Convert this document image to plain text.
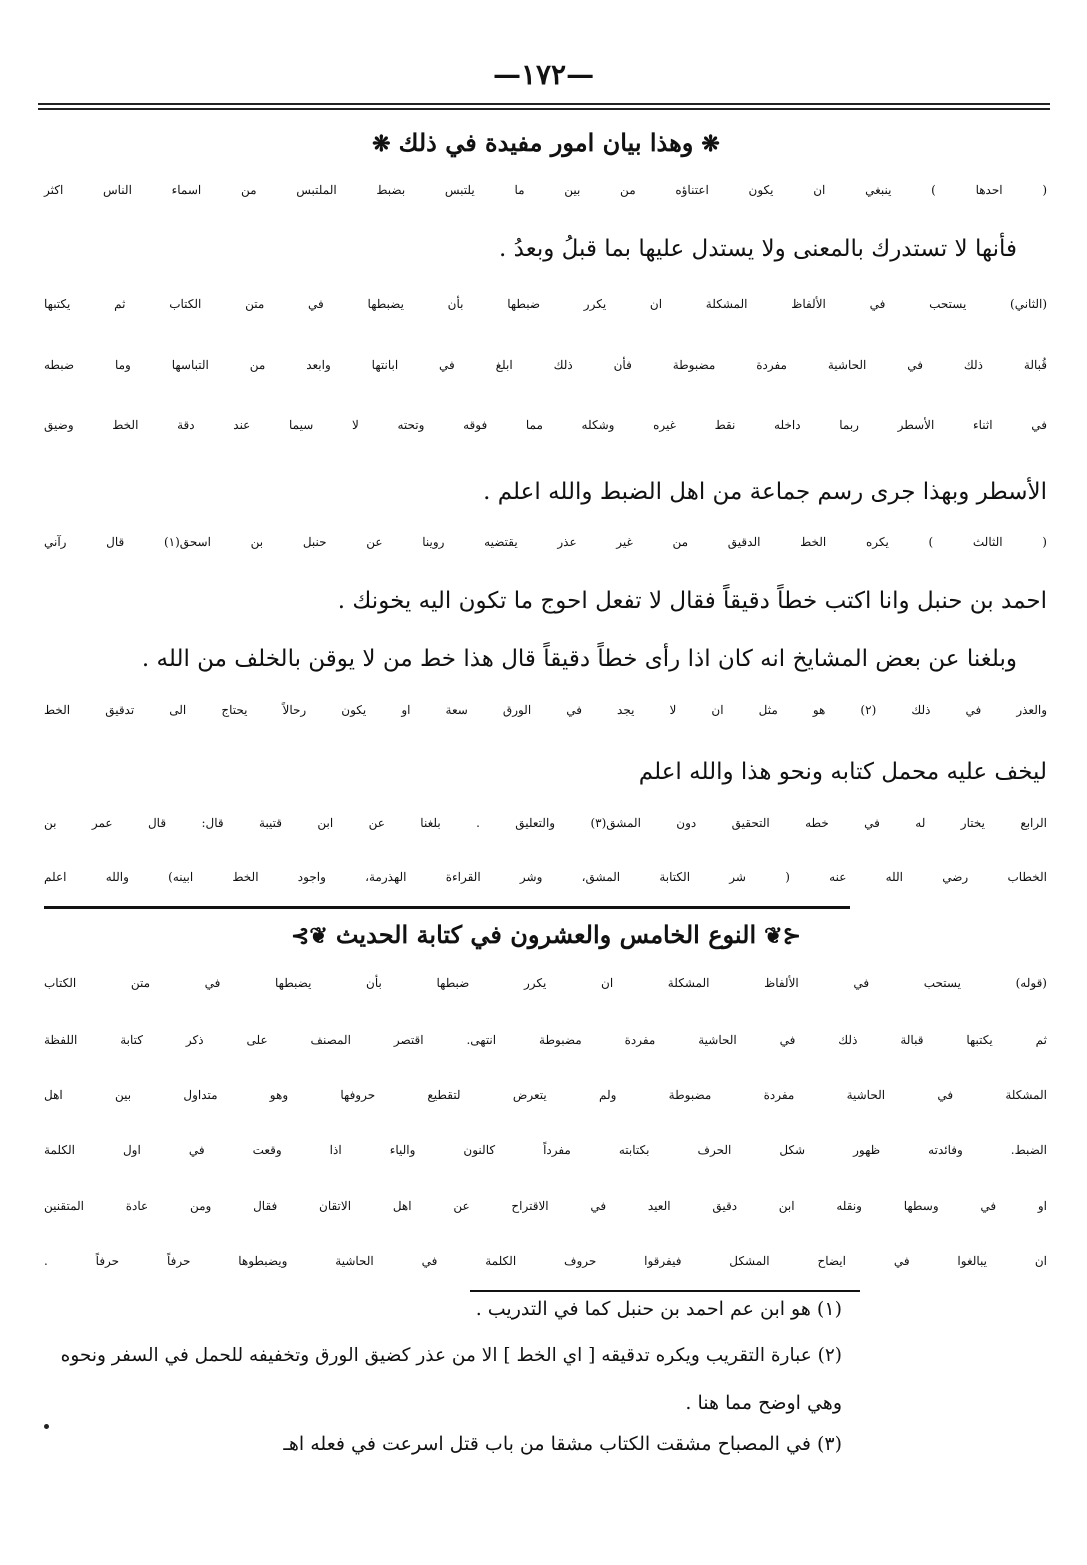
—١٧٢—
❋وهذا بيان امور مفيدة في ذلك❋
( احدها ) ينبغي ان يكون اعتناؤه من بين ما يلتبس بضبط الملتبس من اسماء الناس اكثر
فأنها لا تستدرك بالمعنى ولا يستدل عليها بما قبلُ وبعدُ .
(الثاني) يستحب في الألفاظ المشكلة ان يكرر ضبطها بأن يضبطها في متن الكتاب ثم يكتبها
قُبالة ذلك في الحاشية مفردة مضبوطة فأن ذلك ابلغ في ابانتها وابعد من التباسها وما ضبطه
في اثناء الأسطر ربما داخله نقط غيره وشكله مما فوقه وتحته لا سيما عند دقة الخط وضيق
الأسطر وبهذا جرى رسم جماعة من اهل الضبط والله اعلم .
( الثالث ) يكره الخط الدقيق من غير عذر يقتضيه روينا عن حنبل بن اسحق(١) قال رآني
احمد بن حنبل وانا اكتب خطاً دقيقاً فقال لا تفعل احوج ما تكون اليه يخونك .
وبلغنا عن بعض المشايخ انه كان اذا رأى خطاً دقيقاً قال هذا خط من لا يوقن بالخلف من الله .
والعذر في ذلك (٢) هو مثل ان لا يجد في الورق سعة او يكون رحالاً يحتاج الى تدقيق الخط
ليخف عليه محمل كتابه ونحو هذا والله اعلم
الرابع يختار له في خطه التحقيق دون المشق(٣) والتعليق . بلغنا عن ابن قتيبة قال: قال عمر بن
الخطاب رضي الله عنه ( شر الكتابة المشق، وشر القراءة الهذرمة، واجود الخط ابينه) والله اعلم
⊰❦النوع الخامس والعشرون في كتابة الحديث❦⊱
(قوله) يستحب في الألفاظ المشكلة ان يكرر ضبطها بأن يضبطها في متن الكتاب
ثم يكتبها قبالة ذلك في الحاشية مفردة مضبوطة انتهى. اقتصر المصنف على ذكر كتابة اللفظة
المشكلة في الحاشية مفردة مضبوطة ولم يتعرض لتقطيع حروفها وهو متداول بين اهل
الضبط. وفائدته ظهور شكل الحرف بكتابته مفرداً كالنون والياء اذا وقعت في اول الكلمة
او في وسطها ونقله ابن دقيق العيد في الاقتراح عن اهل الاتقان فقال ومن عادة المتقنين
ان يبالغوا في ايضاح المشكل فيفرقوا حروف الكلمة في الحاشية ويضبطوها حرفاً حرفاً .
(١) هو ابن عم احمد بن حنبل كما في التدريب .
(٢) عبارة التقريب ويكره تدقيقه [ اي الخط ] الا من عذر كضيق الورق وتخفيفه للحمل في السفر ونحوه
وهي اوضح مما هنا .
(٣) في المصباح مشقت الكتاب مشقا من باب قتل اسرعت في فعله اهـ
